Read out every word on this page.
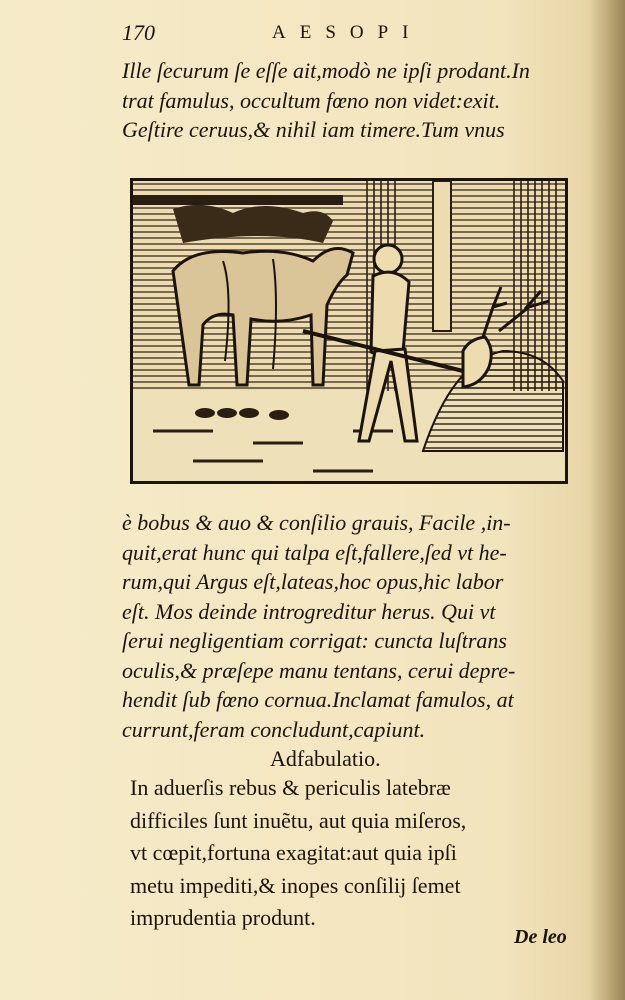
170	AESOPI
Ille ſecurum ſe eſſe ait,modò ne ipſi prodant.In
trat famulus, occultum fœno non videt:exit.
Geſtire ceruus,& nihil iam timere.Tum vnus
è bobus & auo & conſilio grauis, Facile ,in-
quit,erat hunc qui talpa eſt,fallere,ſed vt he-
rum,qui Argus eſt,lateas,hoc opus,hic labor
eſt. Mos deinde introgreditur herus. Qui vt
ſerui negligentiam corrigat: cuncta luſtrans
oculis,& præſepe manu tentans, cerui depre-
hendit ſub fœno cornua.Inclamat famulos, at
currunt,feram concludunt,capiunt.
Adfabulatio.
In aduerſis rebus & periculis latebræ
difficiles ſunt inuẽtu, aut quia miſeros,
vt cœpit,fortuna exagitat:aut quia ipſi
metu impediti,& inopes conſilij ſemet
imprudentia produnt.
De leo
